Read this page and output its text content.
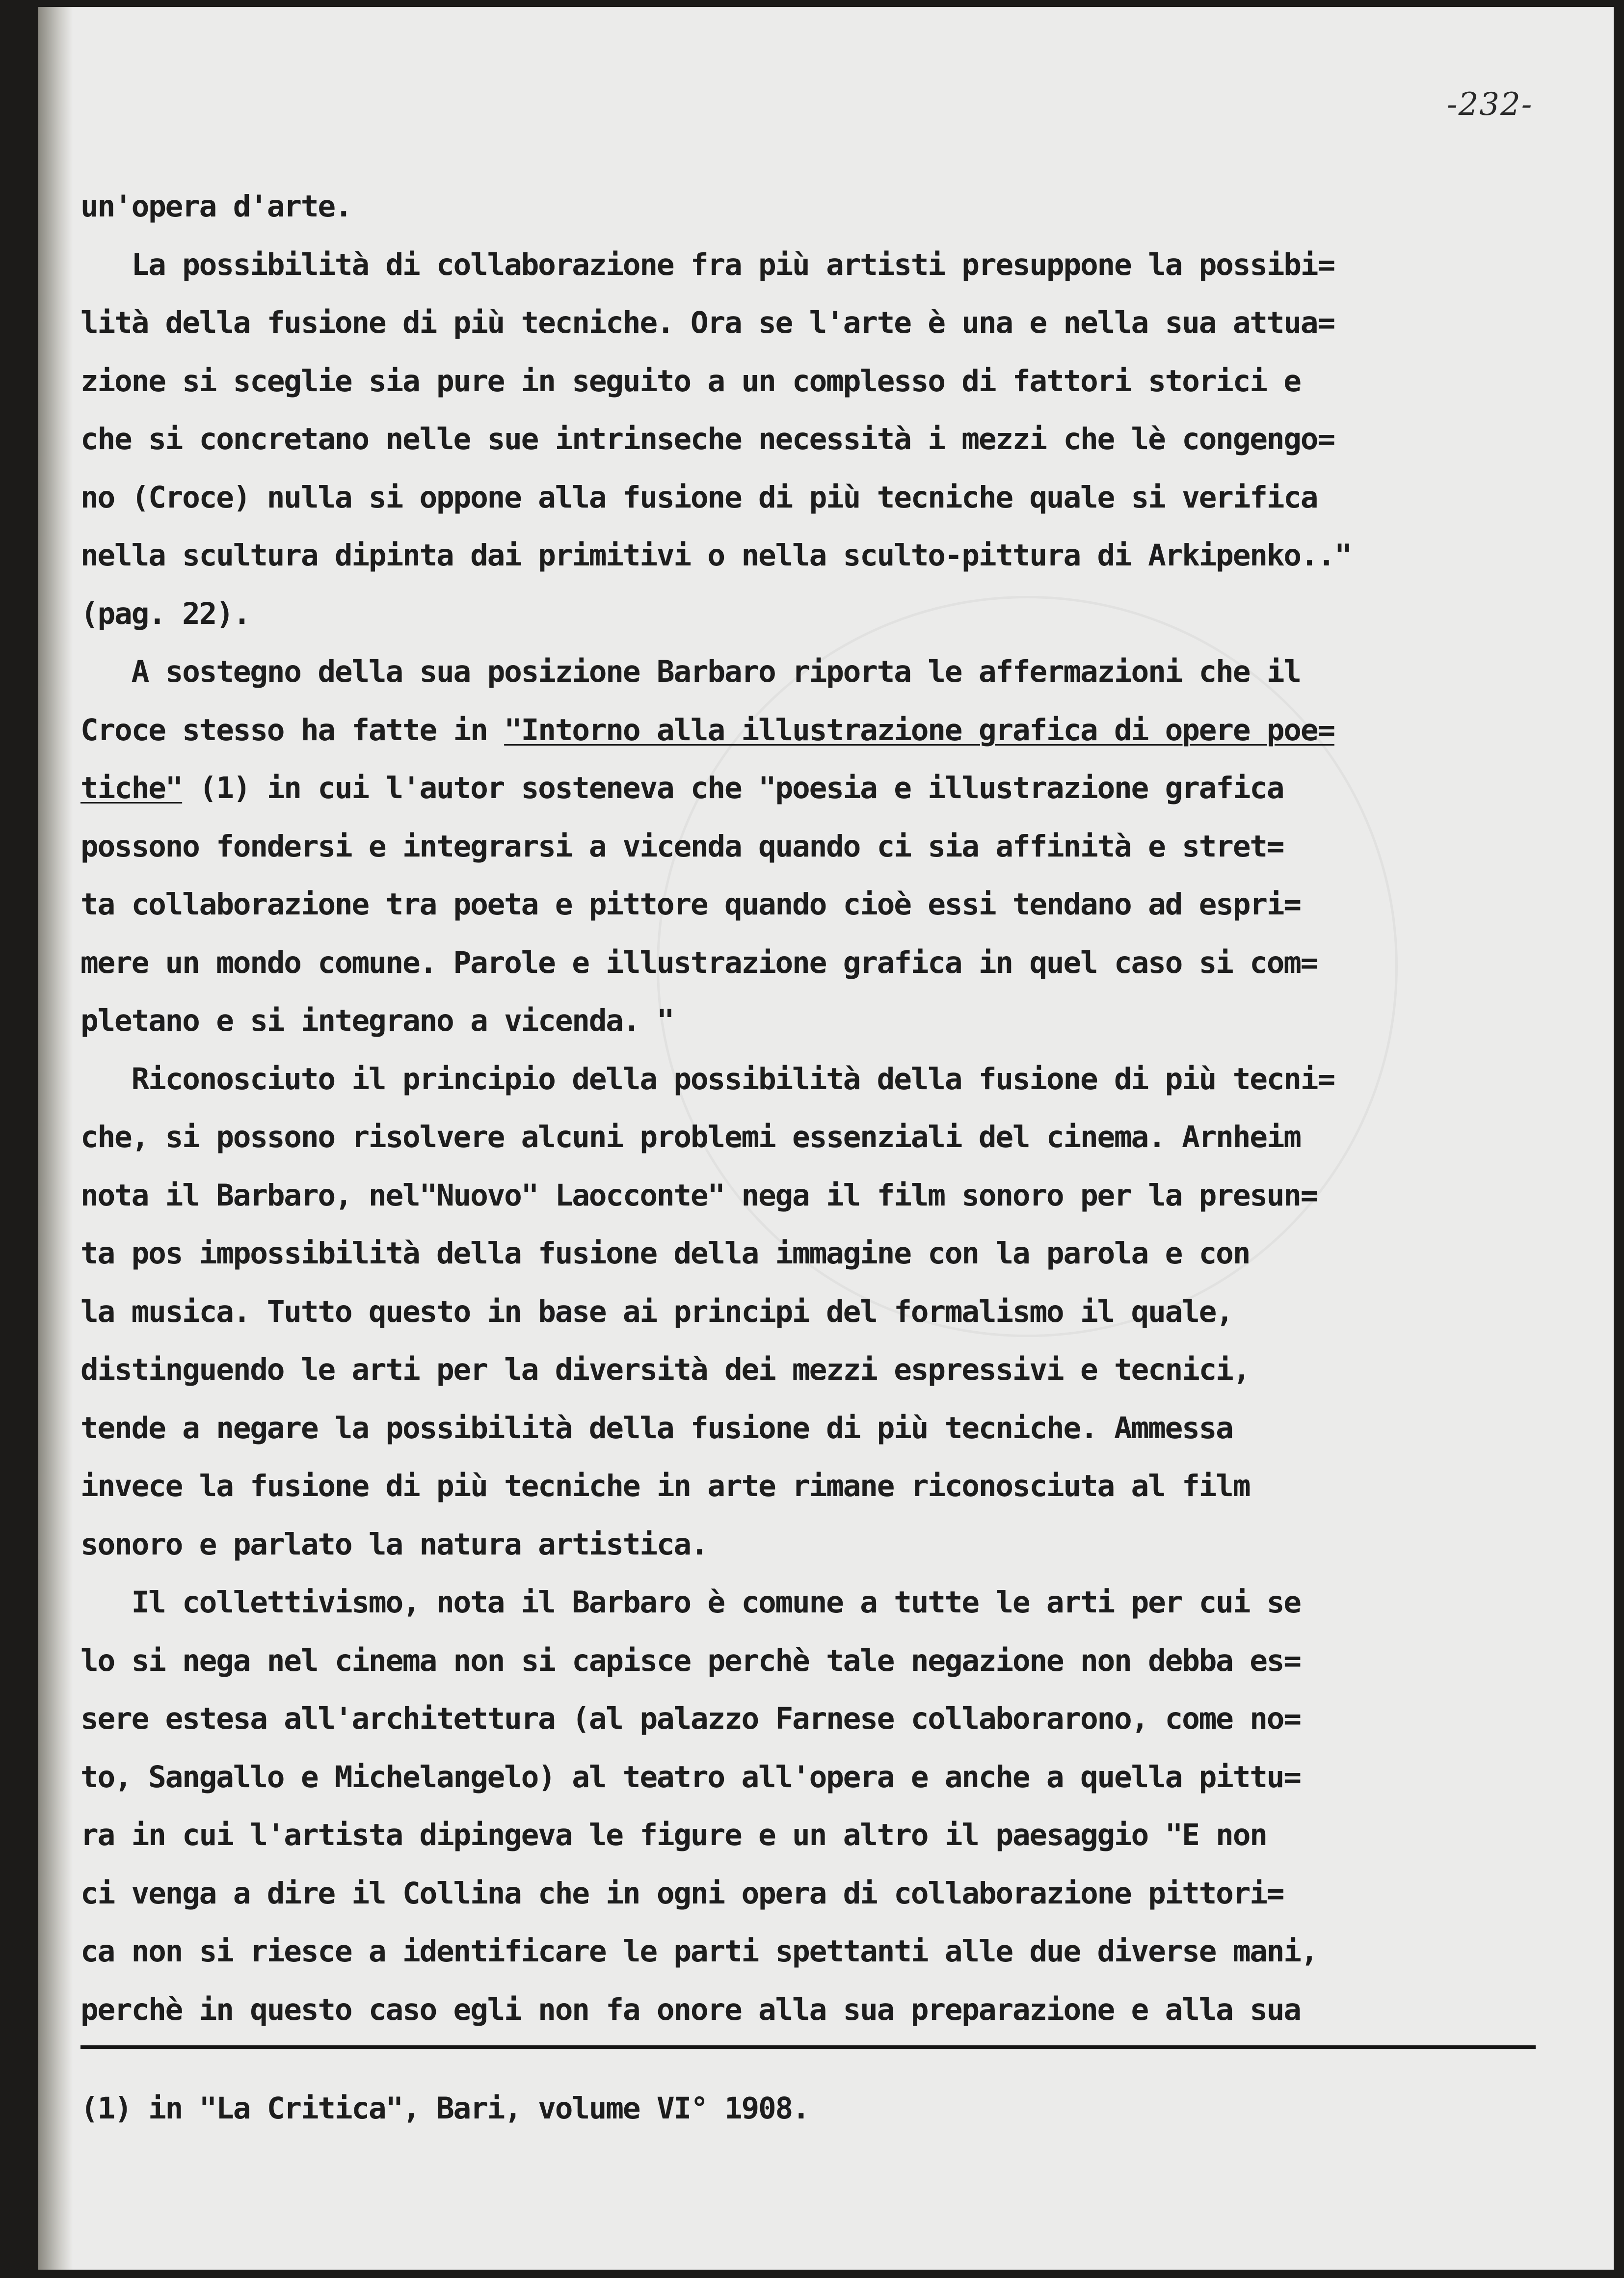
-232-
un'opera d'arte.
La possibilità di collaborazione fra più artisti presuppone la possibi=
lità della fusione di più tecniche. Ora se l'arte è una e nella sua attua=
zione si sceglie sia pure in seguito a un complesso di fattori storici e
che si concretano nelle sue intrinseche necessità i mezzi che lè congengo=
no (Croce) nulla si oppone alla fusione di più tecniche quale si verifica
nella scultura dipinta dai primitivi o nella sculto-pittura di Arkipenko.."
(pag. 22).
A sostegno della sua posizione Barbaro riporta le affermazioni che il
Croce stesso ha fatte in "Intorno alla illustrazione grafica di opere poe=
tiche" (1) in cui l'autor sosteneva che "poesia e illustrazione grafica
possono fondersi e integrarsi a vicenda quando ci sia affinità e stret=
ta collaborazione tra poeta e pittore quando cioè essi tendano ad espri=
mere un mondo comune. Parole e illustrazione grafica in quel caso si com=
pletano e si integrano a vicenda. "
Riconosciuto il principio della possibilità della fusione di più tecni=
che, si possono risolvere alcuni problemi essenziali del cinema. Arnheim
nota il Barbaro, nel"Nuovo" Laocconte" nega il film sonoro per la presun=
ta pos impossibilità della fusione della immagine con la parola e con
la musica. Tutto questo in base ai principi del formalismo il quale,
distinguendo le arti per la diversità dei mezzi espressivi e tecnici,
tende a negare la possibilità della fusione di più tecniche. Ammessa
invece la fusione di più tecniche in arte rimane riconosciuta al film
sonoro e parlato la natura artistica.
Il collettivismo, nota il Barbaro è comune a tutte le arti per cui se
lo si nega nel cinema non si capisce perchè tale negazione non debba es=
sere estesa all'architettura (al palazzo Farnese collaborarono, come no=
to, Sangallo e Michelangelo) al teatro all'opera e anche a quella pittu=
ra in cui l'artista dipingeva le figure e un altro il paesaggio "E non
ci venga a dire il Collina che in ogni opera di collaborazione pittori=
ca non si riesce a identificare le parti spettanti alle due diverse mani,
perchè in questo caso egli non fa onore alla sua preparazione e alla sua
(1) in "La Critica", Bari, volume VI° 1908.
